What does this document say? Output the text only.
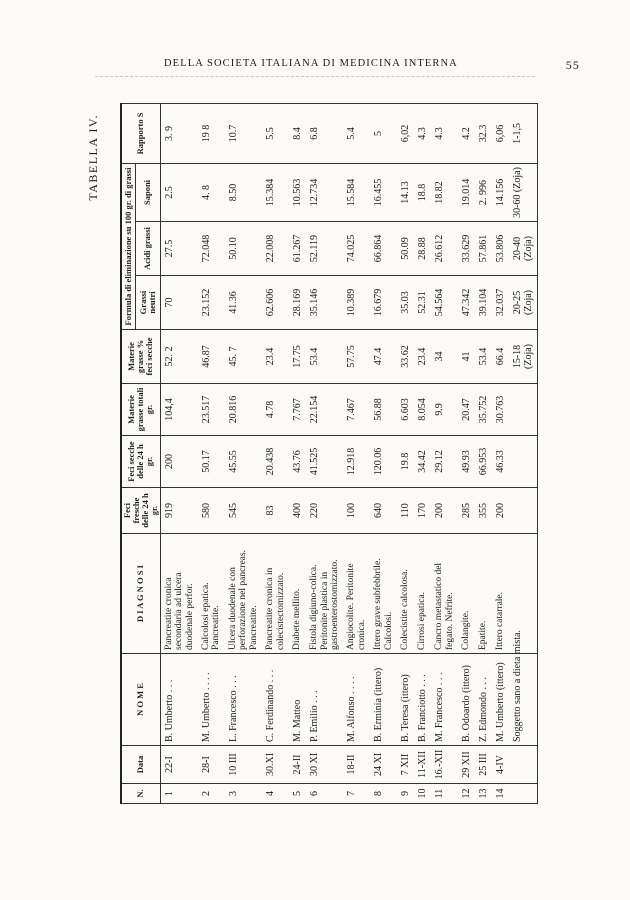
DELLA SOCIETA ITALIANA DI MEDICINA INTERNA	55
TABELLA IV.
N.	Data	N O M E	D I A G N O S I	Feci fresche delle 24 h gr.	Feci secche delle 24 h gr.	Materie grasse totali gr.	Materie grasse % feci secche	Formula di eliminazione su 100 gr. di grassi			Rapporto S
								Grassi neutri	Acidi grassi	Saponi	
1	22-I	B. Umberto . . .	Pancreatite cronica secondaria ad ulcera duodenale perfor.	919	200	104,4	52. 2	70	27.5	2.5	3. 9
2	28-I	M. Umberto . . . .	Calcolosi epatica. Pancreatite.	580	50.17	23.517	46.87	23.152	72.048	4. 8	19 8
3	10 III	L. Francesco . . .	Ulcera duodenale con perforazione nel pancreas. Pancreatite.	545	45.55	20.816	45. 7	41.36	50.10	8.50	10.7
4	30.XI	C. Ferdinando . . .	Pancreatite cronica in colecistectomizzato.	83	20.438	4.78	23.4	62.606	22.008	15.384	5.5
5	24-II	M. Matteo	Diabete mellito.	400	43.76	7.767	17.75	28.169	61.267	10.563	8.4
6	30 XI	P. Emilio . . .	Fistola digiuno-colica. Peritonite plastica in gastroenterostomizzato.	220	41.525	22.154	53.4	35.146	52.119	12.734	6.8
7	18-II	M. Alfonso . . . .	Angiocolite. Peritonite cronica.	100	12.918	7.467	57.75	10.389	74.025	15.584	5.4
8	24 XI	B. Erminia (ittero)	Ittero grave subfebbrile. Calcolosi.	640	120.06	56.88	47.4	16.679	66.864	16.455	5
9	7 XII	B. Teresa (ittero)	Colecistite calcolosa.	110	19.8	6.603	33.62	35.03	50.09	14.13	6,02
10	11-XII	B. Franciotto . . .	Cirrosi epatica.	170	34.42	8.054	23.4	52.31	28.88	18.8	4.3
11	16.-XII	M. Francesco . . .	Cancro metastatico del fegato. Nefrite.	200	29.12	9.9	34	54.564	26.612	18.82	4.3
12	29 XII	B. Odoardo (ittero)	Colangite.	285	49.93	20.47	41	47.342	33.629	19.014	4.2
13	25 III	Z. Edmondo . . .	Epatite.	355	66.953	35.752	53.4	39.104	57.861	2. 996	32.3
14	4-IV	M. Umberto (ittero)	Ittero catarrale.	200	46.33	30.763	66.4	32.037	53.806	14.156	6,06
		Soggetto sano a dieta mista.					15-18 (Zoja)	20-25 (Zoja)	20-40 (Zoja)	30-60 (Zoja)	1-1,5
